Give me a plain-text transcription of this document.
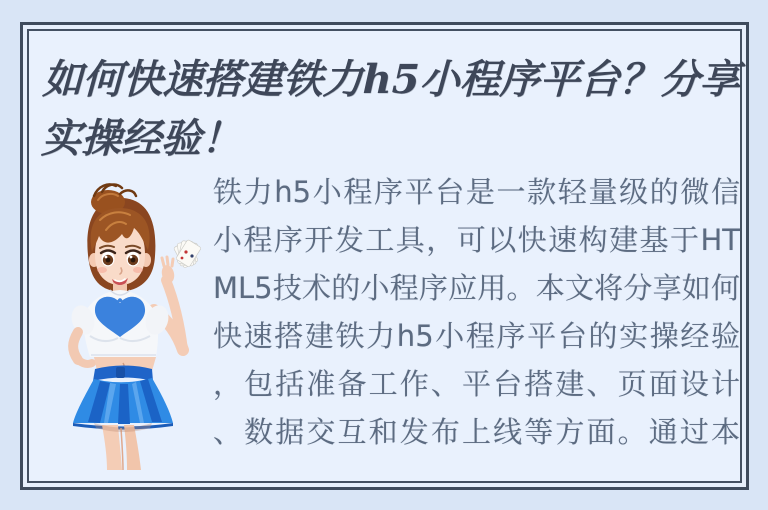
如何快速搭建铁力h5小程序平台？分享
实操经验！

铁力h5小程序平台是一款轻量级的微信

小程序开发工具，可以快速构建基于HT

ML5技术的小程序应用。本文将分享如何

快速搭建铁力h5小程序平台的实操经验

，包括准备工作、平台搭建、页面设计

、数据交互和发布上线等方面。通过本
